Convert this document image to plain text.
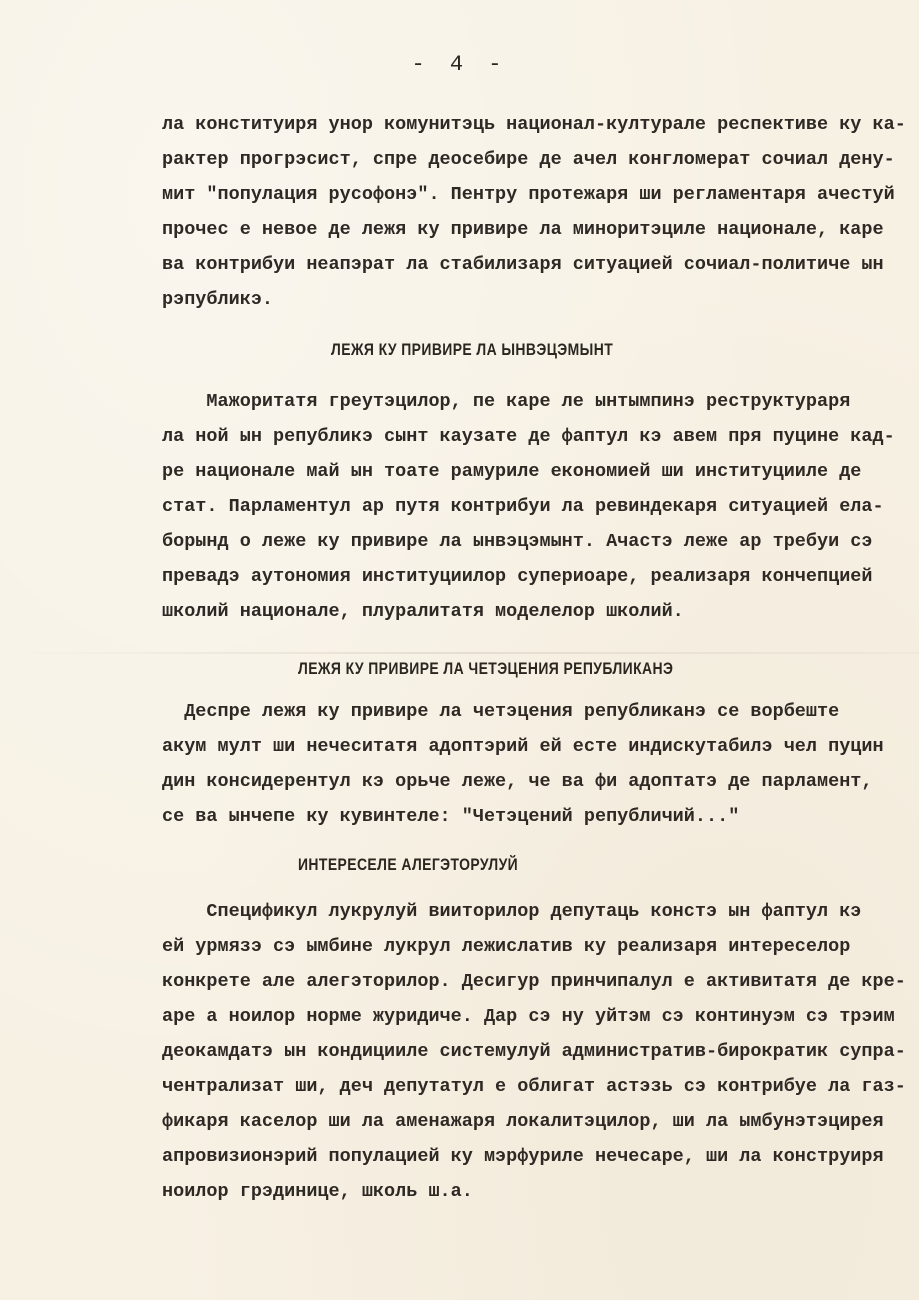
- 4 -

ла конституиря унор комунитэць национал-културале респективе ку ка-
рактер прогрэсист, спре деосебире де ачел конгломерат сочиал дену-
мит "популация русофонэ". Пентру протежаря ши регламентаря ачестуй
прочес е невое де лежя ку привире ла миноритэциле национале, каре
ва контрибуи неапэрат ла стабилизаря ситуацией сочиал-политиче ын
рэпубликэ.

ЛЕЖЯ КУ ПРИВИРЕ ЛА ЫНВЭЦЭМЫНТ

Мажоритатя греутэцилор, пе каре ле ынтымпинэ реструктураря
ла ной ын републикэ сынт каузате де фаптул кэ авем пря пуцине кад-
ре национале май ын тоате рамуриле економией ши институцииле де
стат. Парламентул ар путя контрибуи ла ревиндекаря ситуацией ела-
борынд о леже ку привире ла ынвэцэмынт. Ачастэ леже ар требуи сэ
превадэ аутономия институциилор супериоаре, реализаря кончепцией
школий национале, плуралитатя моделелор школий.

ЛЕЖЯ КУ ПРИВИРЕ ЛА ЧЕТЭЦЕНИЯ РЕПУБЛИКАНЭ

Деспре лежя ку привире ла четэцения републиканэ се ворбеште
акум мулт ши нечеситатя адоптэрий ей есте индискутабилэ чел пуцин
дин консидерентул кэ орьче леже, че ва фи адоптатэ де парламент,
се ва ынчепе ку кувинтеле: "Четэцений републичий..."

ИНТЕРЕСЕЛЕ АЛЕГЭТОРУЛУЙ

Спецификул лукрулуй вииторилор депутаць констэ ын фаптул кэ
ей урмязэ сэ ымбине лукрул лежислатив ку реализаря интереселор
конкрете але алегэторилор. Десигур принчипалул е активитатя де кре-
аре а ноилор норме журидиче. Дар сэ ну уйтэм сэ континуэм сэ трэим
деокамдатэ ын кондицииле системулуй административ-бирократик супра-
чентрализат ши, деч депутатул е облигат астэзь сэ контрибуе ла газ-
фикаря каселор ши ла аменажаря локалитэцилор, ши ла ымбунэтэцирея
апровизионэрий популацией ку мэрфуриле нечесаре, ши ла конструиря
ноилор грэдинице, школь ш.а.
